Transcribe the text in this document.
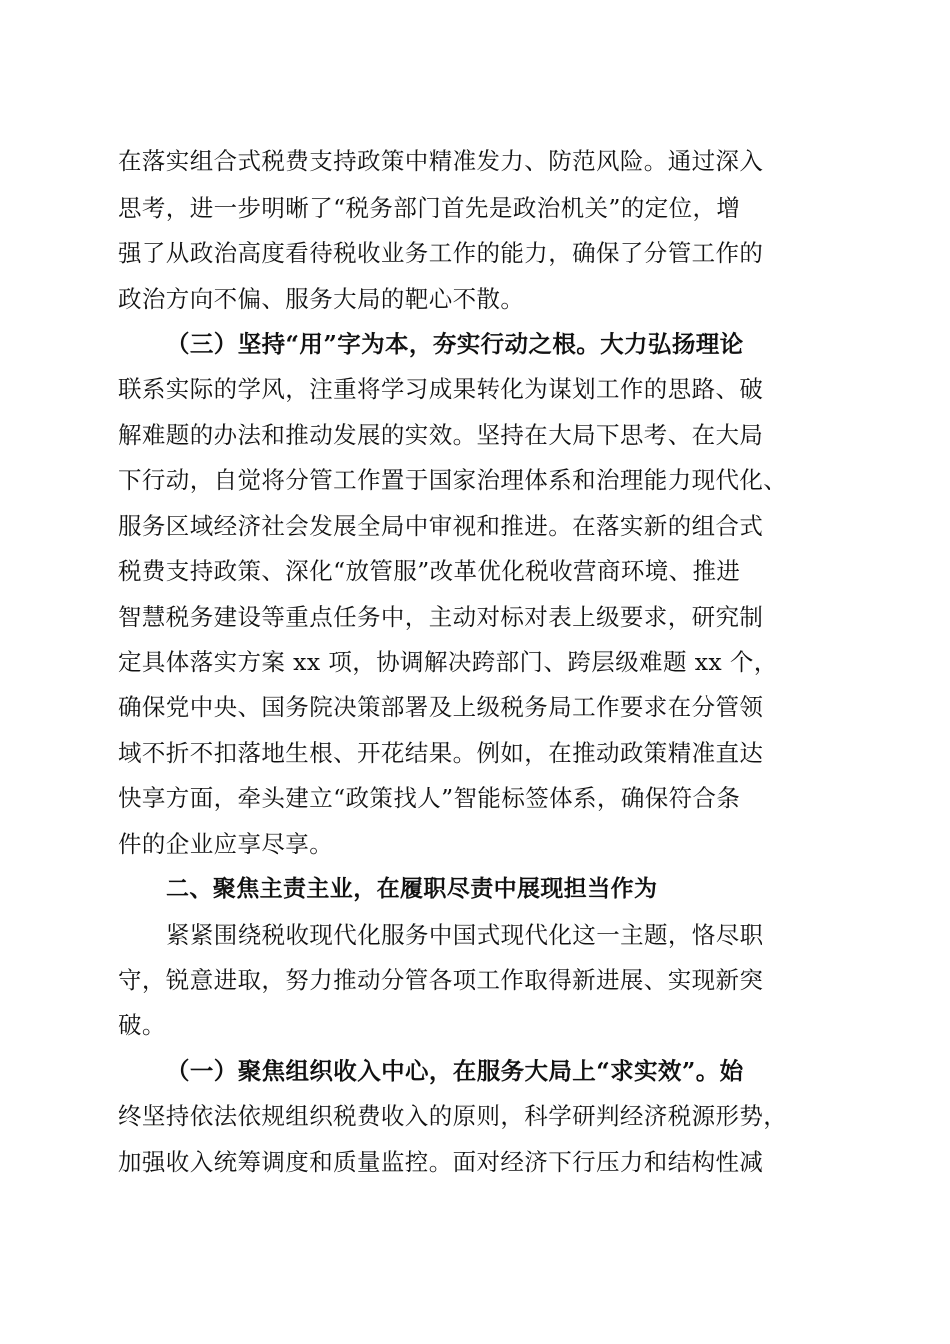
在落实组合式税费支持政策中精准发力、防范风险。通过深入
思考，进一步明晰了“税务部门首先是政治机关”的定位，增
强了从政治高度看待税收业务工作的能力，确保了分管工作的
政治方向不偏、服务大局的靶心不散。
（三）坚持“用”字为本，夯实行动之根。大力弘扬理论
联系实际的学风，注重将学习成果转化为谋划工作的思路、破
解难题的办法和推动发展的实效。坚持在大局下思考、在大局
下行动，自觉将分管工作置于国家治理体系和治理能力现代化、
服务区域经济社会发展全局中审视和推进。在落实新的组合式
税费支持政策、深化“放管服”改革优化税收营商环境、推进
智慧税务建设等重点任务中，主动对标对表上级要求，研究制
定具体落实方案 xx 项，协调解决跨部门、跨层级难题 xx 个，
确保党中央、国务院决策部署及上级税务局工作要求在分管领
域不折不扣落地生根、开花结果。例如，在推动政策精准直达
快享方面，牵头建立“政策找人”智能标签体系，确保符合条
件的企业应享尽享。
二、聚焦主责主业，在履职尽责中展现担当作为
紧紧围绕税收现代化服务中国式现代化这一主题，恪尽职
守，锐意进取，努力推动分管各项工作取得新进展、实现新突
破。
（一）聚焦组织收入中心，在服务大局上“求实效”。始
终坚持依法依规组织税费收入的原则，科学研判经济税源形势，
加强收入统筹调度和质量监控。面对经济下行压力和结构性减
